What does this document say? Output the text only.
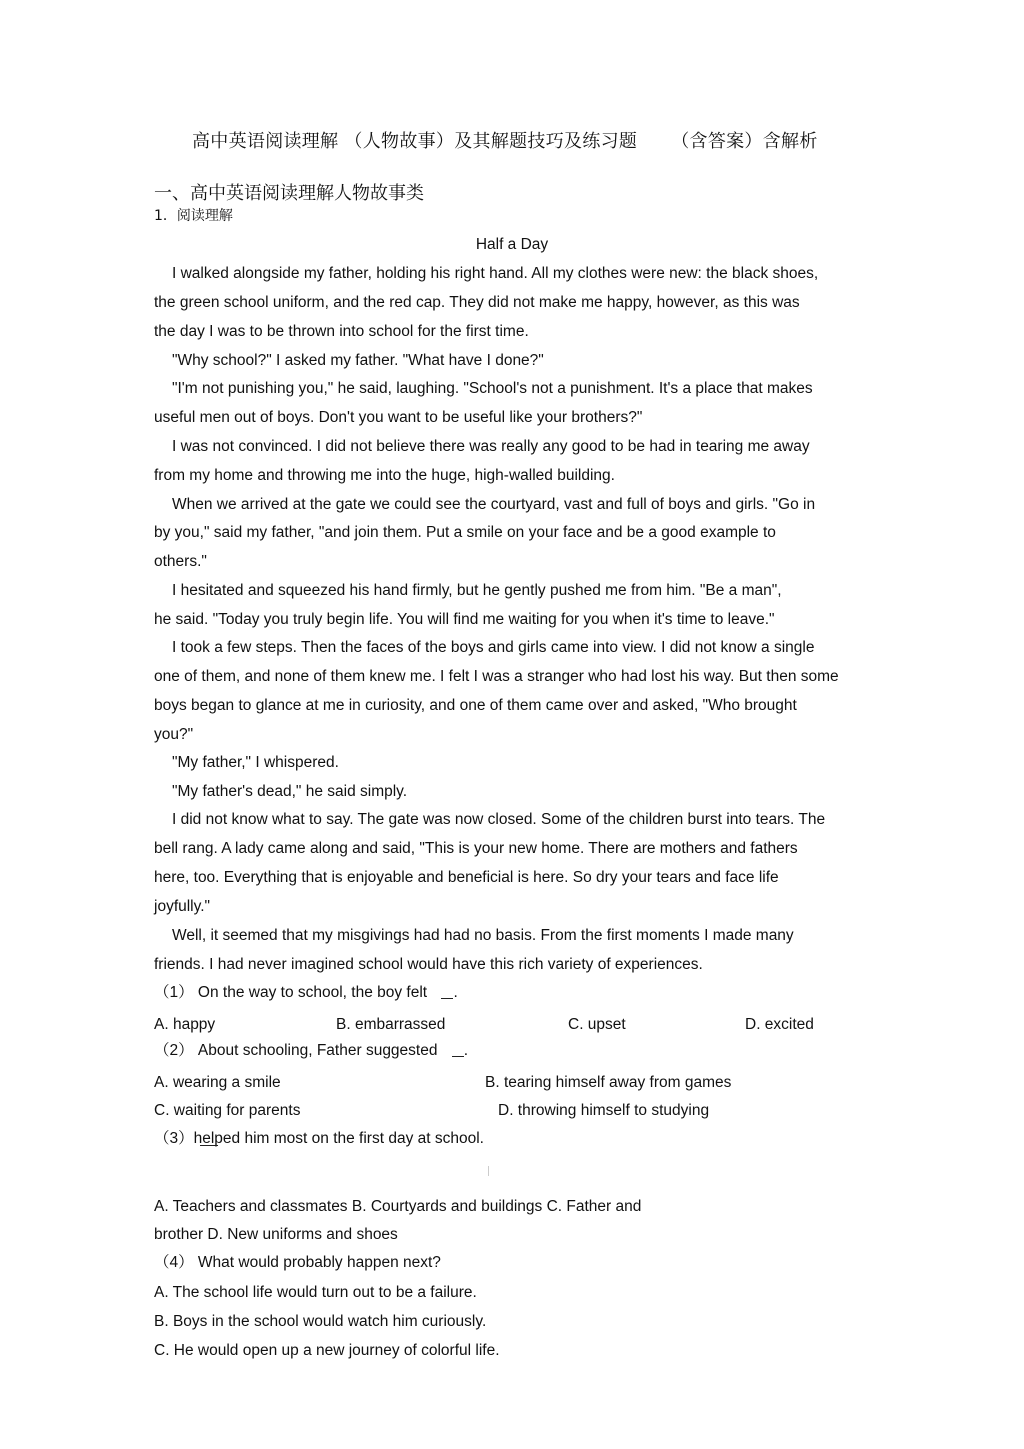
高中英语阅读理解 （人物故事）及其解题技巧及练习题 （含答案）含解析
一、高中英语阅读理解人物故事类
1．阅读理解
Half a Day
I walked alongside my father, holding his right hand. All my clothes were new: the black shoes,
the green school uniform, and the red cap. They did not make me happy, however, as this was
the day I was to be thrown into school for the first time.
"Why school?" I asked my father. "What have I done?"
"I'm not punishing you," he said, laughing. "School's not a punishment. It's a place that makes
useful men out of boys. Don't you want to be useful like your brothers?"
I was not convinced. I did not believe there was really any good to be had in tearing me away
from my home and throwing me into the huge, high-walled building.
When we arrived at the gate we could see the courtyard, vast and full of boys and girls. "Go in
by you," said my father, "and join them. Put a smile on your face and be a good example to
others."
I hesitated and squeezed his hand firmly, but he gently pushed me from him. "Be a man",
he said. "Today you truly begin life. You will find me waiting for you when it's time to leave."
I took a few steps. Then the faces of the boys and girls came into view. I did not know a single
one of them, and none of them knew me. I felt I was a stranger who had lost his way. But then some
boys began to glance at me in curiosity, and one of them came over and asked, "Who brought
you?"
"My father," I whispered.
"My father's dead," he said simply.
I did not know what to say. The gate was now closed. Some of the children burst into tears. The
bell rang. A lady came along and said, "This is your new home. There are mothers and fathers
here, too. Everything that is enjoyable and beneficial is here. So dry your tears and face life
joyfully."
Well, it seemed that my misgivings had had no basis. From the first moments I made many
friends. I had never imagined school would have this rich variety of experiences.
（1） On the way to school, the boy felt .
A. happy	B. embarrassed	C. upset	D. excited
（2） About schooling, Father suggested .
A. wearing a smile	B. tearing himself away from games
C. waiting for parents	D. throwing himself to studying
（3）helped him most on the first day at school.
A. Teachers and classmates B. Courtyards and buildings C. Father and
brother D. New uniforms and shoes
（4） What would probably happen next?
A. The school life would turn out to be a failure.
B. Boys in the school would watch him curiously.
C. He would open up a new journey of colorful life.
